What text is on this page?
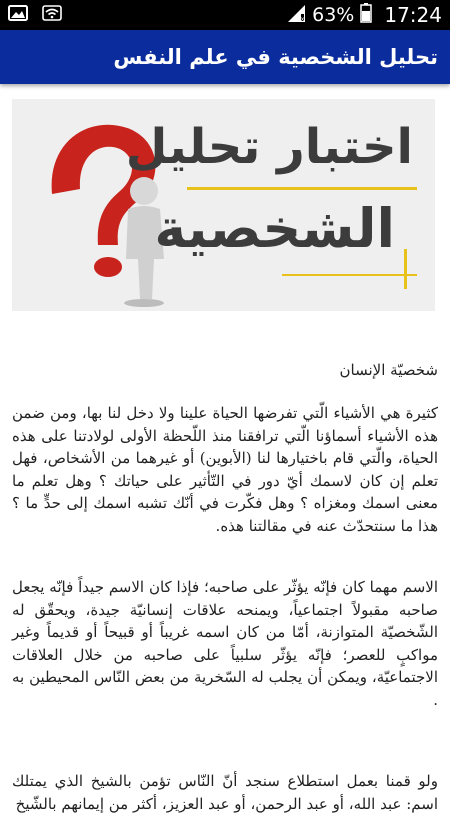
x 63% 17:24
تحليل الشخصية في علم النفس
اختبار تحليل
الشخصية
شخصيّة الإنسان

كثيرة هي الأشياء الّتي تفرضها الحياة علينا ولا دخل لنا بها، ومن ضمن هذه الأشياء أسماؤنا الّتي ترافقنا منذ اللّحظة الأولى لولادتنا على هذه الحياة، والّتي قام باختيارها لنا (الأبوين) أو غيرهما من الأشخاص، فهل تعلم إن كان لاسمك أيّ دور في التّأثير على حياتك ؟ وهل تعلم ما معنى اسمك ومغزاه ؟ وهل فكّرت في أنّك تشبه اسمك إلى حدٍّ ما ؟ هذا ما سنتحدّث عنه في مقالتنا هذه.

الاسم مهما كان فإنّه يؤثّر على صاحبه؛ فإذا كان الاسم جيداً فإنّه يجعل صاحبه مقبولاً اجتماعياً، ويمنحه علاقات إنسانيّة جيدة، ويحقّق له الشّخصيّة المتوازنة، أمّا من كان اسمه غريباً أو قبيحاً أو قديماً وغير مواكبٍ للعصر؛ فإنّه يؤثّر سلبياً على صاحبه من خلال العلاقات الاجتماعيّة، ويمكن أن يجلب له السّخرية من بعض النّاس المحيطين به .

ولو قمنا بعمل استطلاع سنجد أنّ النّاس تؤمن بالشيخ الذي يمتلك اسم: عبد الله، أو عبد الرحمن، أو عبد العزيز، أكثر من إيمانهم بالشّيخ
